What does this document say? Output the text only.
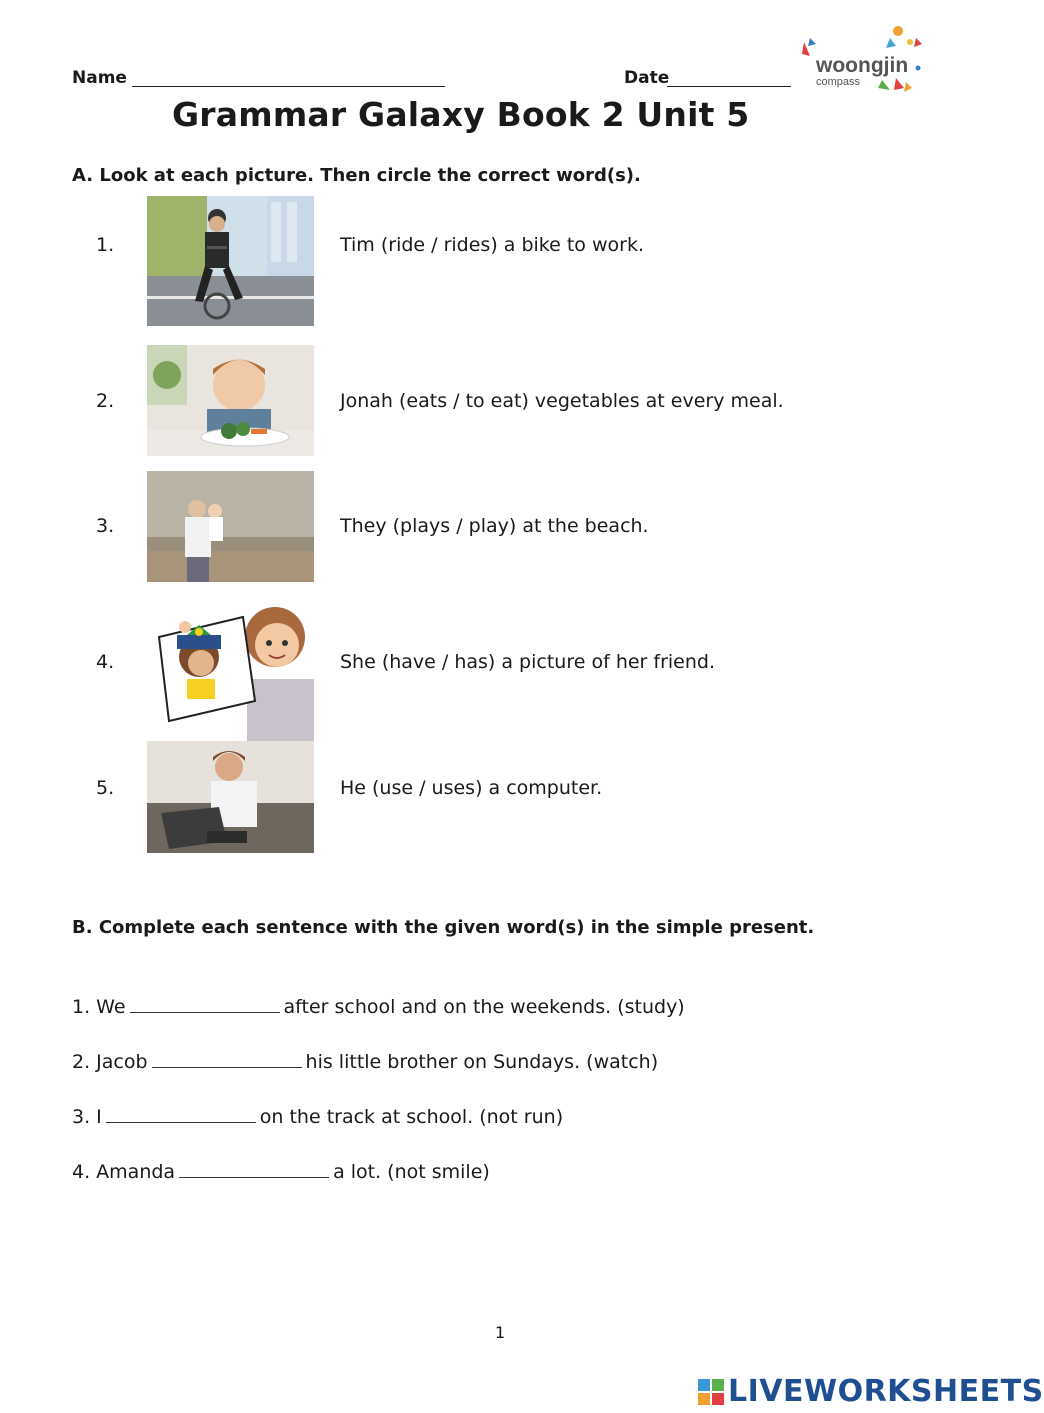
Name	Date
woongjin
compass
Grammar Galaxy Book 2 Unit 5
A. Look at each picture. Then circle the correct word(s).
1.	Tim (ride / rides) a bike to work.
2.	Jonah (eats / to eat) vegetables at every meal.
3.	They (plays / play) at the beach.
4.	She (have / has) a picture of her friend.
5.	He (use / uses) a computer.
B. Complete each sentence with the given word(s) in the simple present.
1. We	after school and on the weekends. (study)
2. Jacob	his little brother on Sundays. (watch)
3. I	on the track at school. (not run)
4. Amanda	a lot. (not smile)
1
LIVEWORKSHEETS
